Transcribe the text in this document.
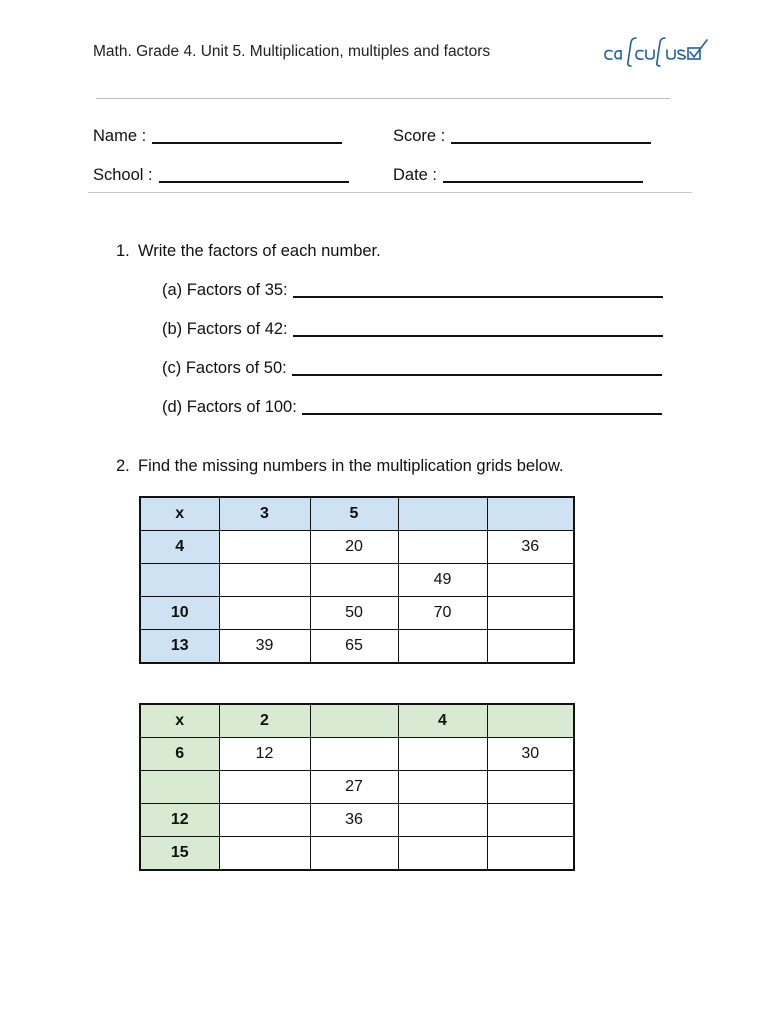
Math. Grade 4. Unit 5. Multiplication, multiples and factors
Name :	Score :
School :	Date :
1. Write the factors of each number.
(a) Factors of 35:
(b) Factors of 42:
(c) Factors of 50:
(d) Factors of 100:
2. Find the missing numbers in the multiplication grids below.
x	3	5		
4		20		36
			49	
10		50	70	
13	39	65		
x	2		4	
6	12			30
		27		
12		36		
15				
